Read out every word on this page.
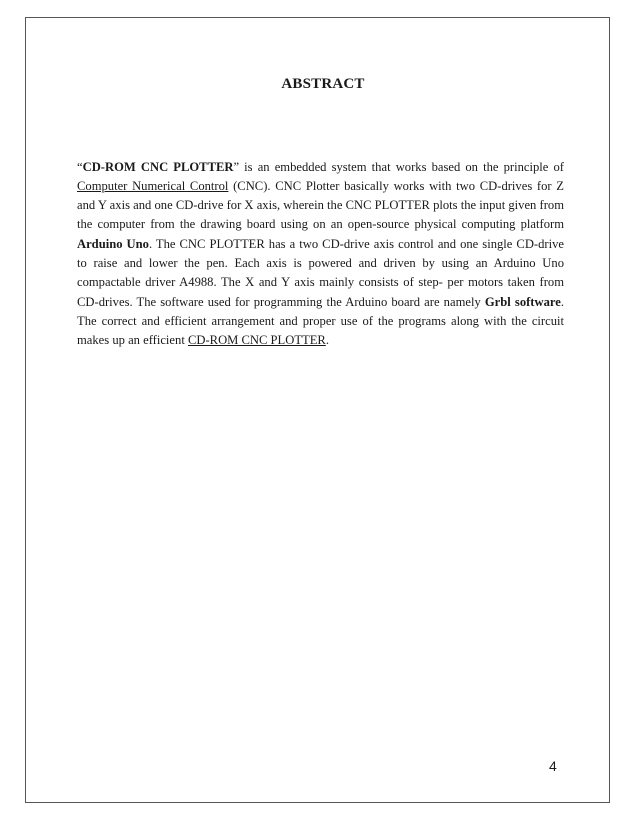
ABSTRACT

“CD-ROM CNC PLOTTER” is an embedded system that works based on the principle of Computer Numerical Control (CNC). CNC Plotter basically works with two CD-drives for Z and Y axis and one CD-drive for X axis, wherein the CNC PLOTTER plots the input given from the computer from the drawing board using on an open-source physical computing platform Arduino Uno. The CNC PLOTTER has a two CD-drive axis control and one single CD-drive to raise and lower the pen. Each axis is powered and driven by using an Arduino Uno compactable driver A4988. The X and Y axis mainly consists of step- per motors taken from CD-drives. The software used for programming the Arduino board are namely Grbl software. The correct and efficient arrangement and proper use of the programs along with the circuit makes up an efficient CD-ROM CNC PLOTTER.

4
